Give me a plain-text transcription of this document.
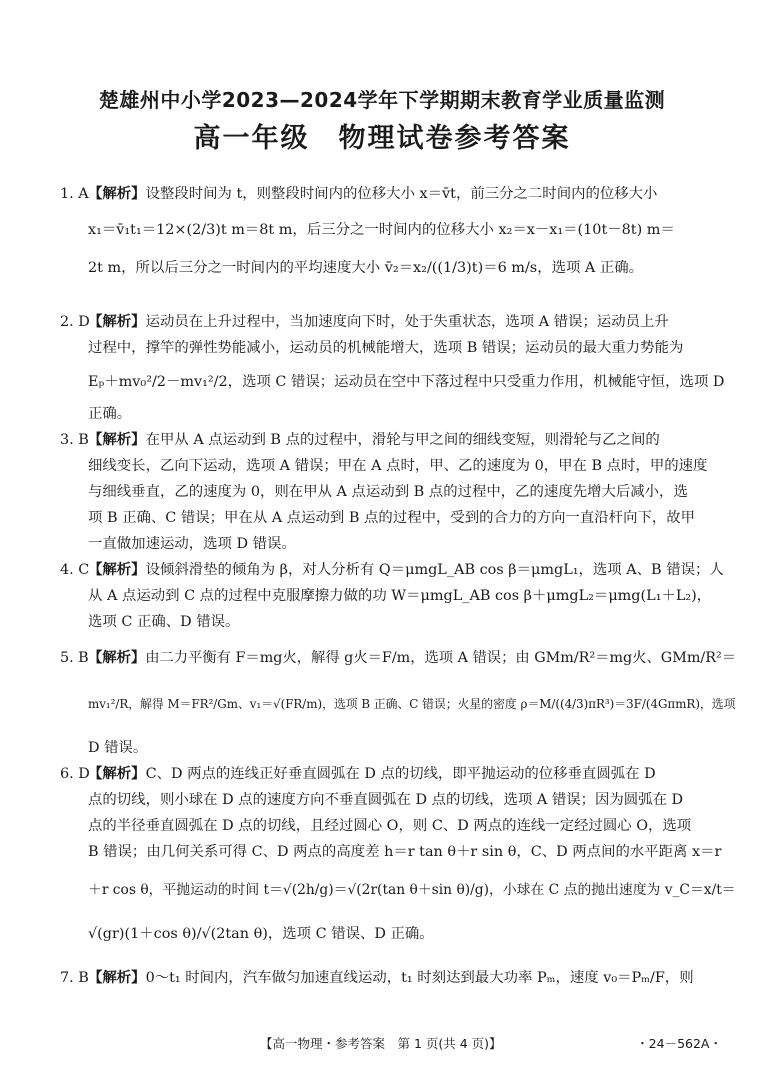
楚雄州中小学2023—2024学年下学期期末教育学业质量监测
高一年级　物理试卷参考答案
1. A【解析】设整段时间为 t，则整段时间内的位移大小 x＝v̄t，前三分之二时间内的位移大小
x₁＝v̄₁t₁＝12×(2/3)t m＝8t m，后三分之一时间内的位移大小 x₂＝x－x₁＝(10t－8t) m＝
2t m，所以后三分之一时间内的平均速度大小 v̄₂＝x₂/((1/3)t)＝6 m/s，选项 A 正确。
2. D【解析】运动员在上升过程中，当加速度向下时，处于失重状态，选项 A 错误；运动员上升
过程中，撑竿的弹性势能减小，运动员的机械能增大，选项 B 错误；运动员的最大重力势能为
Eₚ＋mv₀²/2－mv₁²/2，选项 C 错误；运动员在空中下落过程中只受重力作用，机械能守恒，选项 D
正确。
3. B【解析】在甲从 A 点运动到 B 点的过程中，滑轮与甲之间的细线变短，则滑轮与乙之间的
细线变长，乙向下运动，选项 A 错误；甲在 A 点时，甲、乙的速度为 0，甲在 B 点时，甲的速度
与细线垂直，乙的速度为 0，则在甲从 A 点运动到 B 点的过程中，乙的速度先增大后减小，选
项 B 正确、C 错误；甲在从 A 点运动到 B 点的过程中，受到的合力的方向一直沿杆向下，故甲
一直做加速运动，选项 D 错误。
4. C【解析】设倾斜滑垫的倾角为 β，对人分析有 Q＝μmgL_AB cos β＝μmgL₁，选项 A、B 错误；人
从 A 点运动到 C 点的过程中克服摩擦力做的功 W＝μmgL_AB cos β＋μmgL₂＝μmg(L₁＋L₂)，
选项 C 正确、D 错误。
5. B【解析】由二力平衡有 F＝mg火，解得 g火＝F/m，选项 A 错误；由 GMm/R²＝mg火、GMm/R²＝
mv₁²/R，解得 M＝FR²/Gm、v₁＝√(FR/m)，选项 B 正确、C 错误；火星的密度 ρ＝M/((4/3)πR³)＝3F/(4GπmR)，选项
D 错误。
6. D【解析】C、D 两点的连线正好垂直圆弧在 D 点的切线，即平抛运动的位移垂直圆弧在 D
点的切线，则小球在 D 点的速度方向不垂直圆弧在 D 点的切线，选项 A 错误；因为圆弧在 D
点的半径垂直圆弧在 D 点的切线，且经过圆心 O，则 C、D 两点的连线一定经过圆心 O，选项
B 错误；由几何关系可得 C、D 两点的高度差 h＝r tan θ＋r sin θ，C、D 两点间的水平距离 x＝r
＋r cos θ，平抛运动的时间 t＝√(2h/g)＝√(2r(tan θ＋sin θ)/g)，小球在 C 点的抛出速度为 v_C＝x/t＝
√(gr)(1＋cos θ)/√(2tan θ)，选项 C 错误、D 正确。
7. B【解析】0～t₁ 时间内，汽车做匀加速直线运动，t₁ 时刻达到最大功率 Pₘ，速度 v₀＝Pₘ/F，则
【高一物理・参考答案　第 1 页(共 4 页)】	・24－562A・
